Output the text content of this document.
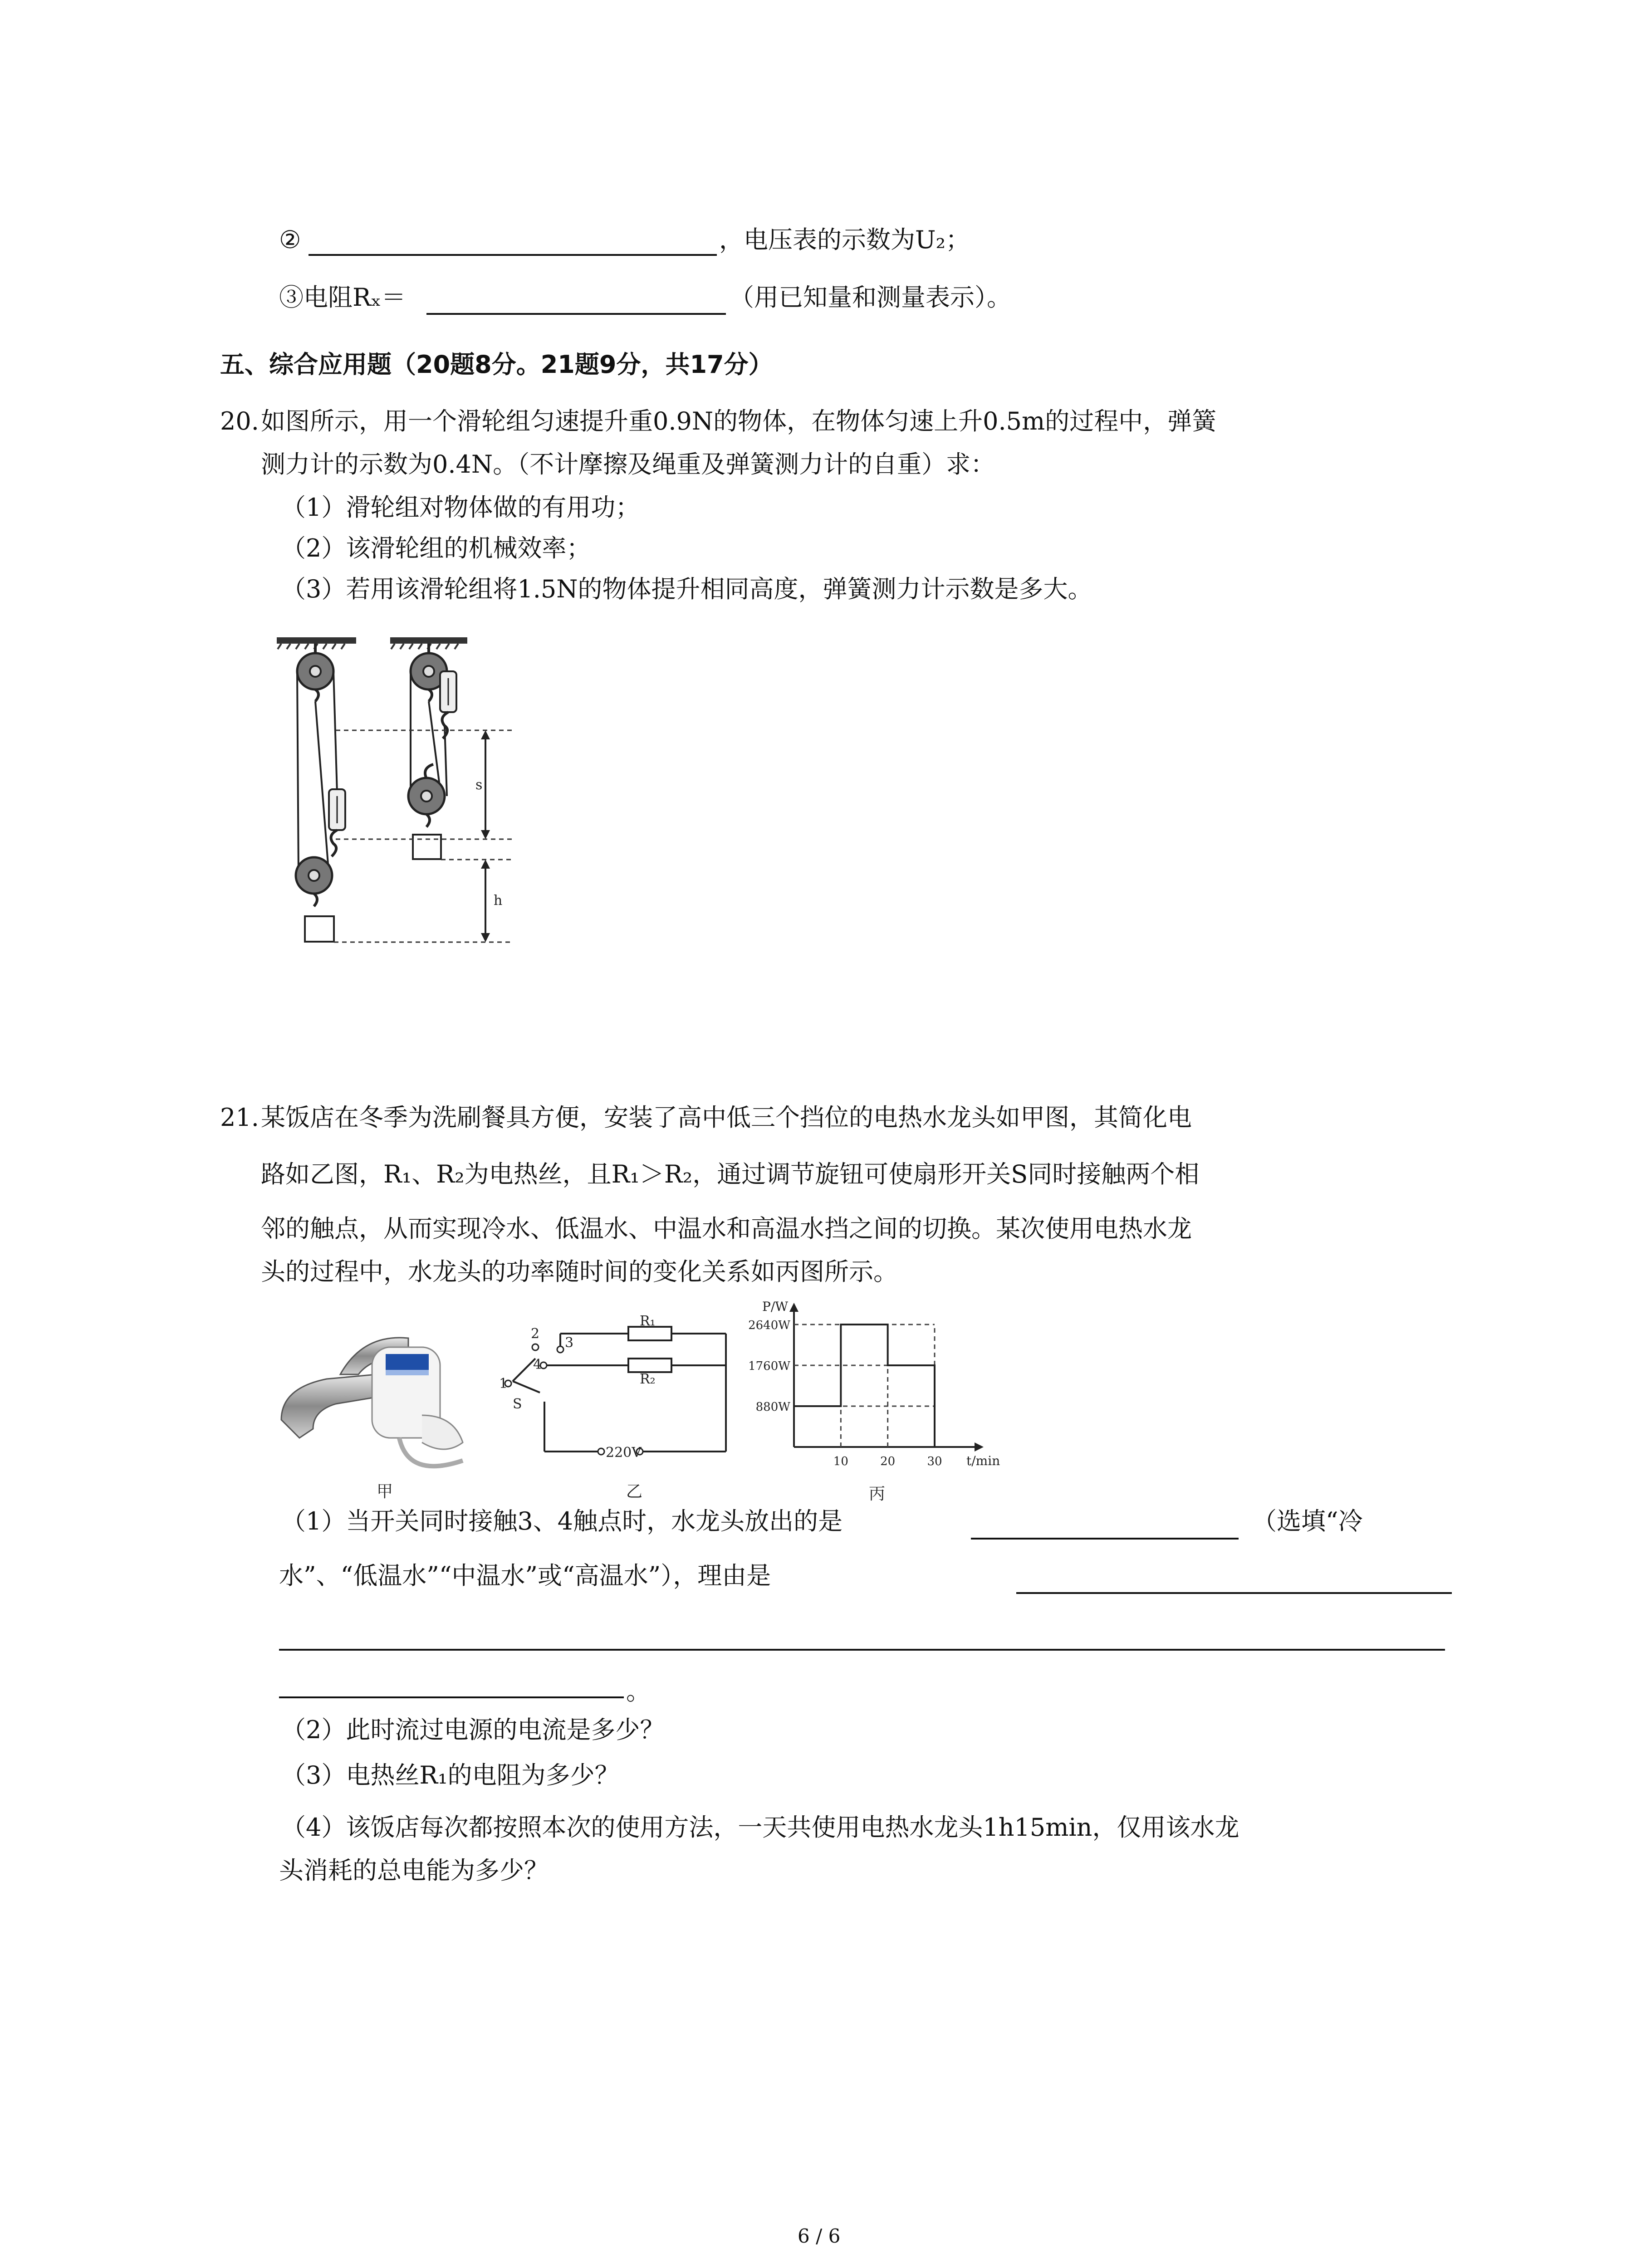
②	，电压表的示数为U₂；
③电阻Rₓ＝	（用已知量和测量表示）。
五、综合应用题（20题8分。21题9分，共17分）
20. 如图所示，用一个滑轮组匀速提升重0.9N的物体，在物体匀速上升0.5m的过程中，弹簧
测力计的示数为0.4N。（不计摩擦及绳重及弹簧测力计的自重）求：
（1）滑轮组对物体做的有用功；
（2）该滑轮组的机械效率；
（3）若用该滑轮组将1.5N的物体提升相同高度，弹簧测力计示数是多大。
s
h
21. 某饭店在冬季为洗刷餐具方便，安装了高中低三个挡位的电热水龙头如甲图，其简化电
路如乙图，R₁、R₂为电热丝，且R₁＞R₂，通过调节旋钮可使扇形开关S同时接触两个相
邻的触点，从而实现冷水、低温水、中温水和高温水挡之间的切换。某次使用电热水龙
头的过程中，水龙头的功率随时间的变化关系如丙图所示。
甲
R₁
R₂
1
2
3
4
S
220V
乙
P/W
t/min
880W
1760W
2640W
10	20	30
丙
（1）当开关同时接触3、4触点时，水龙头放出的是	（选填“冷
水”、“低温水”“中温水”或“高温水”），理由是
。
（2）此时流过电源的电流是多少？
（3）电热丝R₁的电阻为多少？
（4）该饭店每次都按照本次的使用方法，一天共使用电热水龙头1h15min，仅用该水龙
头消耗的总电能为多少？
6 / 6
